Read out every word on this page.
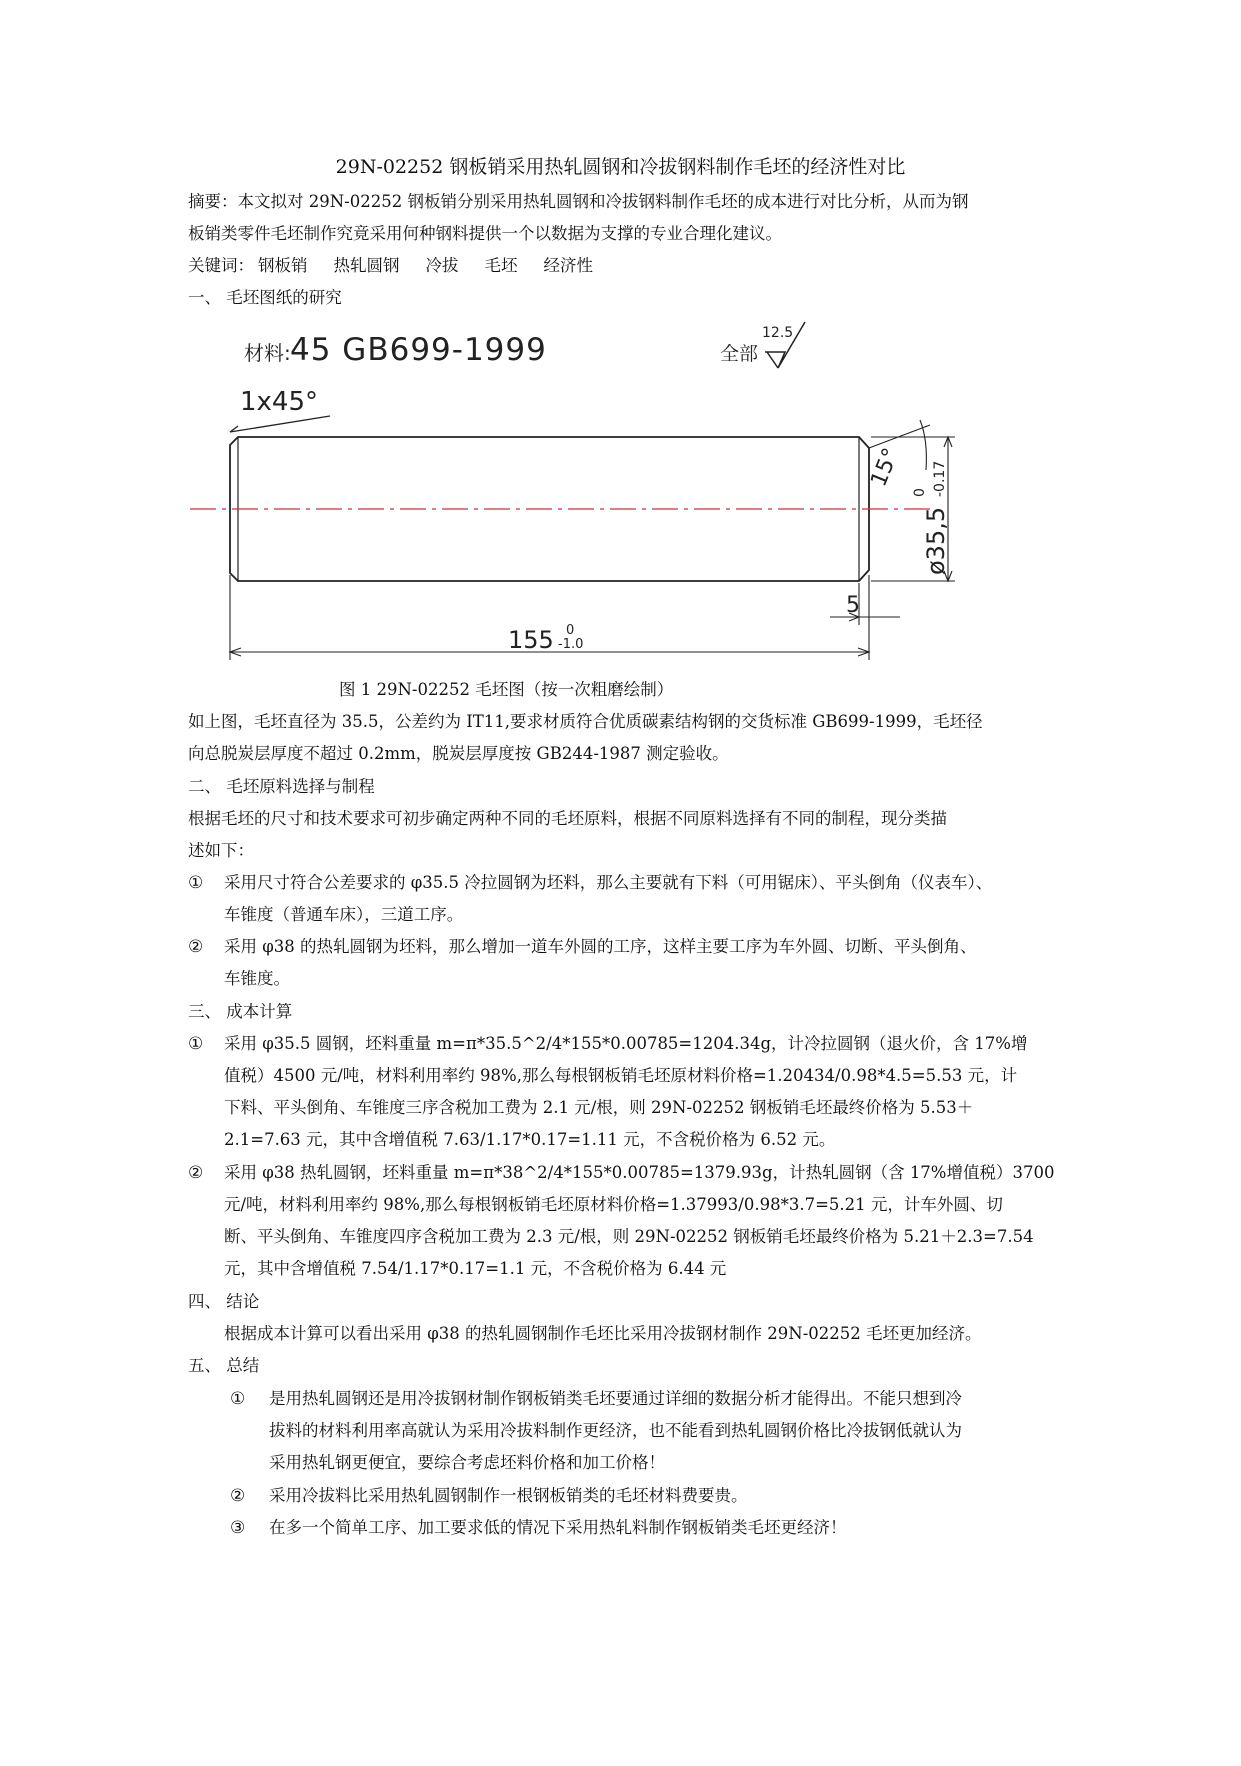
29N-02252 钢板销采用热轧圆钢和冷拔钢料制作毛坯的经济性对比
摘要：本文拟对 29N-02252 钢板销分别采用热轧圆钢和冷拔钢料制作毛坯的成本进行对比分析，从而为钢
板销类零件毛坯制作究竟采用何种钢料提供一个以数据为支撑的专业合理化建议。
关键词： 钢板销 热轧圆钢 冷拔 毛坯 经济性
一、 毛坯图纸的研究
材料: 45 GB699-1999	全部
12.5
1x45°
ø35,5
0 -0.17
15°
5
155 0
-1.0
图 1 29N-02252 毛坯图（按一次粗磨绘制）
如上图，毛坯直径为 35.5，公差约为 IT11,要求材质符合优质碳素结构钢的交货标准 GB699-1999，毛坯径
向总脱炭层厚度不超过 0.2mm，脱炭层厚度按 GB244-1987 测定验收。
二、 毛坯原料选择与制程
根据毛坯的尺寸和技术要求可初步确定两种不同的毛坯原料，根据不同原料选择有不同的制程，现分类描
述如下：
① 采用尺寸符合公差要求的 φ35.5 冷拉圆钢为坯料，那么主要就有下料（可用锯床）、平头倒角（仪表车）、
车锥度（普通车床），三道工序。
② 采用 φ38 的热轧圆钢为坯料，那么增加一道车外圆的工序，这样主要工序为车外圆、切断、平头倒角、
车锥度。
三、 成本计算
① 采用 φ35.5 圆钢，坯料重量 m=π*35.5^2/4*155*0.00785=1204.34g，计冷拉圆钢（退火价，含 17%增
值税）4500 元/吨，材料利用率约 98%,那么每根钢板销毛坯原材料价格=1.20434/0.98*4.5=5.53 元，计
下料、平头倒角、车锥度三序含税加工费为 2.1 元/根，则 29N-02252 钢板销毛坯最终价格为 5.53＋
2.1=7.63 元，其中含增值税 7.63/1.17*0.17=1.11 元，不含税价格为 6.52 元。
② 采用 φ38 热轧圆钢，坯料重量 m=π*38^2/4*155*0.00785=1379.93g，计热轧圆钢（含 17%增值税）3700
元/吨，材料利用率约 98%,那么每根钢板销毛坯原材料价格=1.37993/0.98*3.7=5.21 元，计车外圆、切
断、平头倒角、车锥度四序含税加工费为 2.3 元/根，则 29N-02252 钢板销毛坯最终价格为 5.21＋2.3=7.54
元，其中含增值税 7.54/1.17*0.17=1.1 元，不含税价格为 6.44 元
四、 结论
根据成本计算可以看出采用 φ38 的热轧圆钢制作毛坯比采用冷拔钢材制作 29N-02252 毛坯更加经济。
五、 总结
① 是用热轧圆钢还是用冷拔钢材制作钢板销类毛坯要通过详细的数据分析才能得出。不能只想到冷
拔料的材料利用率高就认为采用冷拔料制作更经济，也不能看到热轧圆钢价格比冷拔钢低就认为
采用热轧钢更便宜，要综合考虑坯料价格和加工价格！
② 采用冷拔料比采用热轧圆钢制作一根钢板销类的毛坯材料费要贵。
③ 在多一个简单工序、加工要求低的情况下采用热轧料制作钢板销类毛坯更经济！
